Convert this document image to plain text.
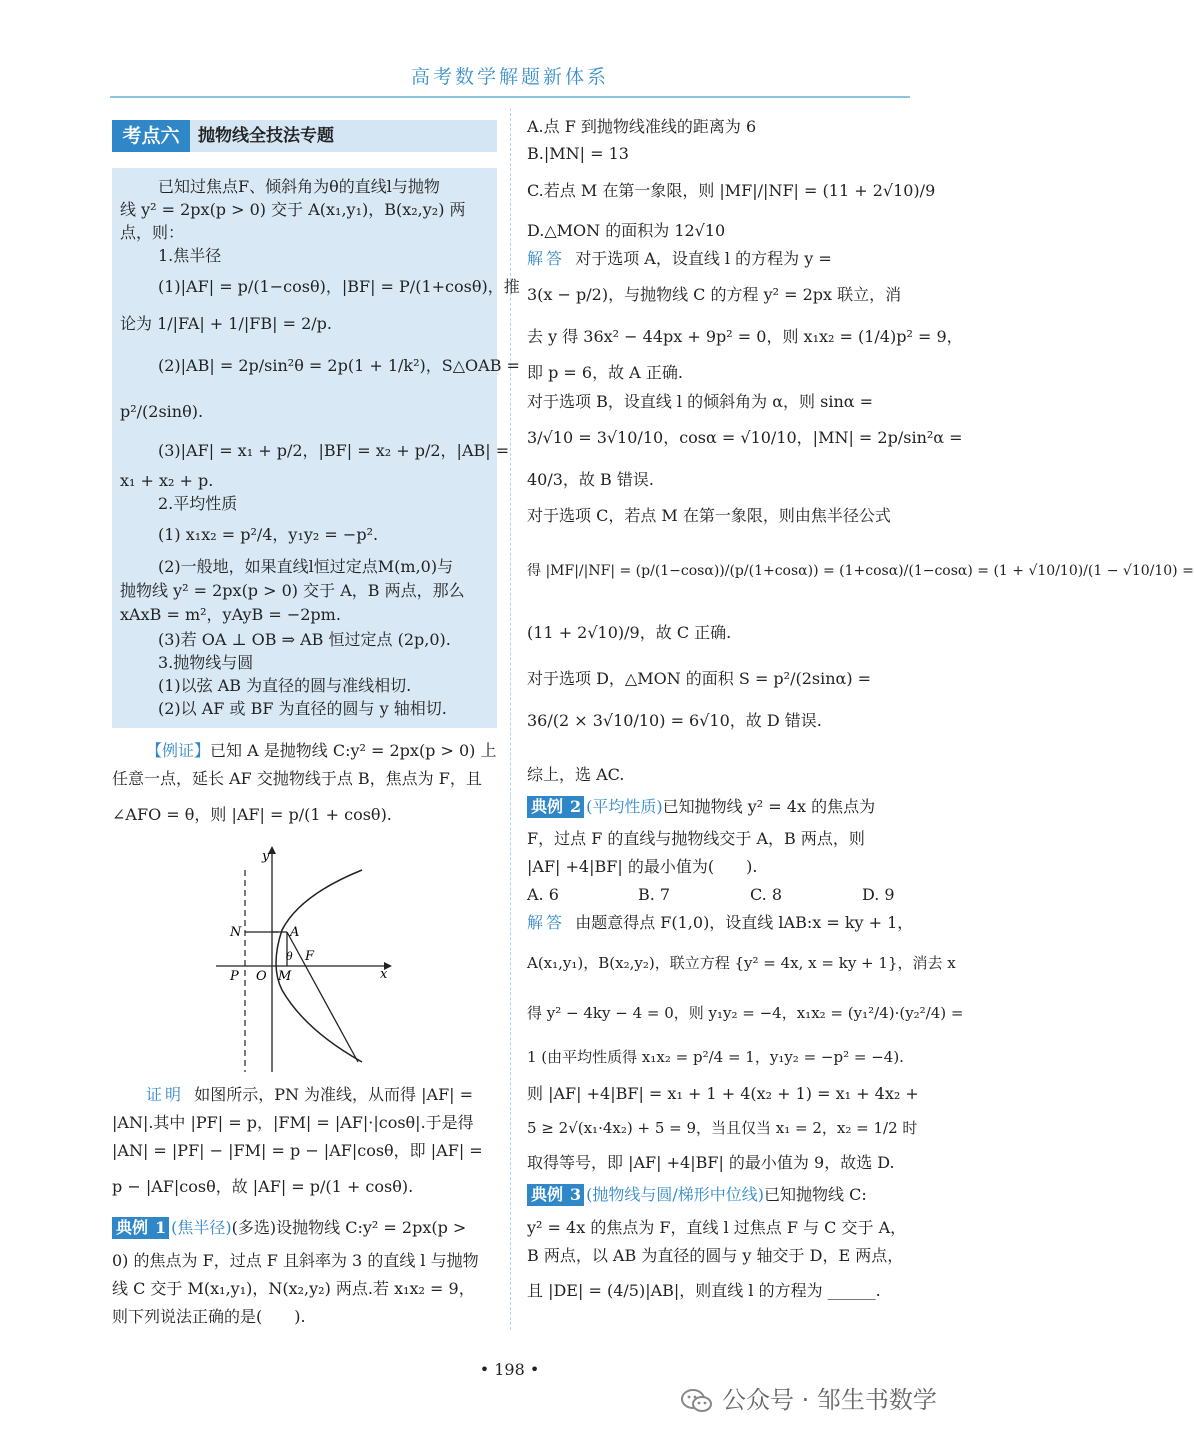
高考数学解题新体系
考点六	抛物线全技法专题
已知过焦点F、倾斜角为θ的直线l与抛物
线 y² = 2px(p > 0) 交于 A(x₁,y₁)，B(x₂,y₂) 两
点，则：
1.焦半径
(1)|AF| = p/(1−cosθ)，|BF| = P/(1+cosθ)，推
论为 1/|FA| + 1/|FB| = 2/p.
(2)|AB| = 2p/sin²θ = 2p(1 + 1/k²)，S△OAB =
p²/(2sinθ).
(3)|AF| = x₁ + p/2，|BF| = x₂ + p/2，|AB| =
x₁ + x₂ + p.
2.平均性质
(1) x₁x₂ = p²/4，y₁y₂ = −p².
(2)一般地，如果直线l恒过定点M(m,0)与
抛物线 y² = 2px(p > 0) 交于 A，B 两点，那么
xAxB = m²，yAyB = −2pm.
(3)若 OA ⊥ OB ⇒ AB 恒过定点 (2p,0).
3.抛物线与圆
(1)以弦 AB 为直径的圆与准线相切.
(2)以 AF 或 BF 为直径的圆与 y 轴相切.
【例证】已知 A 是抛物线 C:y² = 2px(p > 0) 上
任意一点，延长 AF 交抛物线于点 B，焦点为 F，且
∠AFO = θ，则 |AF| = p/(1 + cosθ).
y
x
N	A
F
θ
P O M
证明 如图所示，PN 为准线，从而得 |AF| =
|AN|.其中 |PF| = p，|FM| = |AF|·|cosθ|.于是得
|AN| = |PF| − |FM| = p − |AF|cosθ，即 |AF| =
p − |AF|cosθ，故 |AF| = p/(1 + cosθ).
典例 1 (焦半径)(多选)设抛物线 C:y² = 2px(p >
0) 的焦点为 F，过点 F 且斜率为 3 的直线 l 与抛物
线 C 交于 M(x₁,y₁)，N(x₂,y₂) 两点.若 x₁x₂ = 9，
则下列说法正确的是(　　).
A.点 F 到抛物线准线的距离为 6
B.|MN| = 13
C.若点 M 在第一象限，则 |MF|/|NF| = (11 + 2√10)/9
D.△MON 的面积为 12√10
解答 对于选项 A，设直线 l 的方程为 y =
3(x − p/2)，与抛物线 C 的方程 y² = 2px 联立，消
去 y 得 36x² − 44px + 9p² = 0，则 x₁x₂ = (1/4)p² = 9，
即 p = 6，故 A 正确.
对于选项 B，设直线 l 的倾斜角为 α，则 sinα =
3/√10 = 3√10/10，cosα = √10/10，|MN| = 2p/sin²α =
40/3，故 B 错误.
对于选项 C，若点 M 在第一象限，则由焦半径公式
得 |MF|/|NF| = (p/(1−cosα))/(p/(1+cosα)) = (1+cosα)/(1−cosα) = (1 + √10/10)/(1 − √10/10) =
(11 + 2√10)/9，故 C 正确.
对于选项 D，△MON 的面积 S = p²/(2sinα) =
36/(2 × 3√10/10) = 6√10，故 D 错误.
综上，选 AC.
典例 2 (平均性质)已知抛物线 y² = 4x 的焦点为
F，过点 F 的直线与抛物线交于 A，B 两点，则
|AF| +4|BF| 的最小值为(　　).
A. 6	B. 7	C. 8	D. 9
解答 由题意得点 F(1,0)，设直线 lAB:x = ky + 1，
A(x₁,y₁)，B(x₂,y₂)，联立方程 {y² = 4x, x = ky + 1}，消去 x
得 y² − 4ky − 4 = 0，则 y₁y₂ = −4，x₁x₂ = (y₁²/4)·(y₂²/4) =
1 (由平均性质得 x₁x₂ = p²/4 = 1，y₁y₂ = −p² = −4).
则 |AF| +4|BF| = x₁ + 1 + 4(x₂ + 1) = x₁ + 4x₂ +
5 ≥ 2√(x₁·4x₂) + 5 = 9，当且仅当 x₁ = 2，x₂ = 1/2 时
取得等号，即 |AF| +4|BF| 的最小值为 9，故选 D.
典例 3 (抛物线与圆/梯形中位线)已知抛物线 C:
y² = 4x 的焦点为 F，直线 l 过焦点 F 与 C 交于 A，
B 两点，以 AB 为直径的圆与 y 轴交于 D，E 两点，
且 |DE| = (4/5)|AB|，则直线 l 的方程为 ______.
• 198 •
公众号 · 邹生书数学
